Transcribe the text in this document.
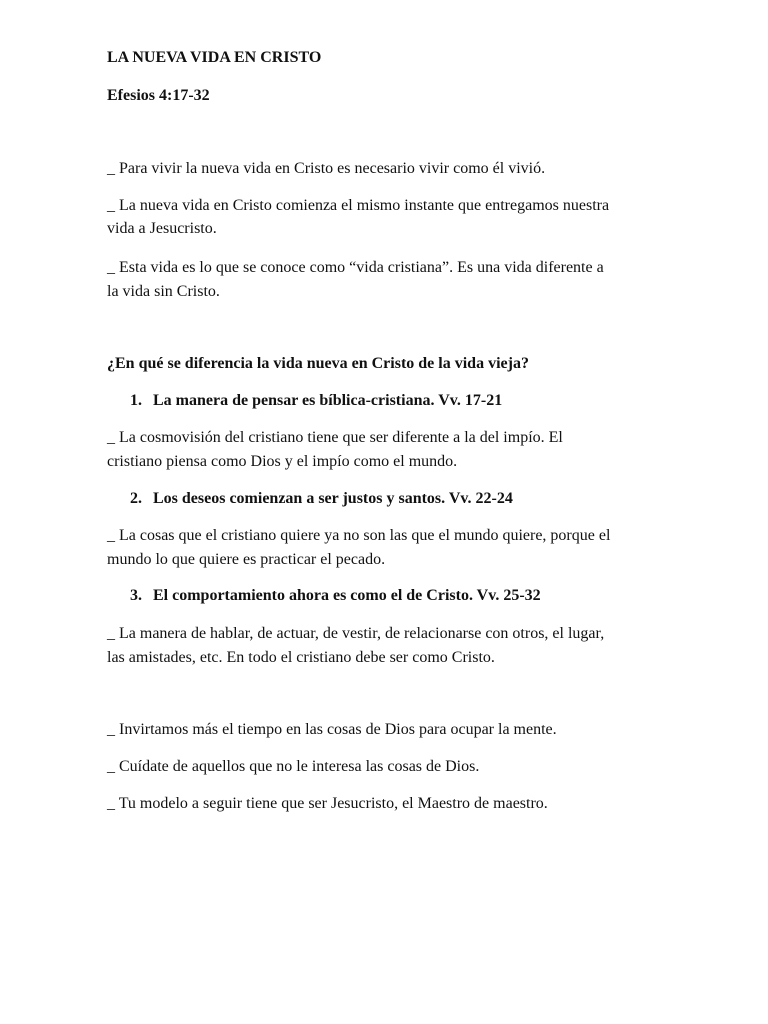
LA NUEVA VIDA EN CRISTO

Efesios 4:17-32

_ Para vivir la nueva vida en Cristo es necesario vivir como él vivió.

_ La nueva vida en Cristo comienza el mismo instante que entregamos nuestra

vida a Jesucristo.

_ Esta vida es lo que se conoce como “vida cristiana”. Es una vida diferente a

la vida sin Cristo.

¿En qué se diferencia la vida nueva en Cristo de la vida vieja?

1. La manera de pensar es bíblica-cristiana. Vv. 17-21

_ La cosmovisión del cristiano tiene que ser diferente a la del impío. El

cristiano piensa como Dios y el impío como el mundo.

2. Los deseos comienzan a ser justos y santos. Vv. 22-24

_ La cosas que el cristiano quiere ya no son las que el mundo quiere, porque el

mundo lo que quiere es practicar el pecado.

3. El comportamiento ahora es como el de Cristo. Vv. 25-32

_ La manera de hablar, de actuar, de vestir, de relacionarse con otros, el lugar,

las amistades, etc. En todo el cristiano debe ser como Cristo.

_ Invirtamos más el tiempo en las cosas de Dios para ocupar la mente.

_ Cuídate de aquellos que no le interesa las cosas de Dios.

_ Tu modelo a seguir tiene que ser Jesucristo, el Maestro de maestro.
